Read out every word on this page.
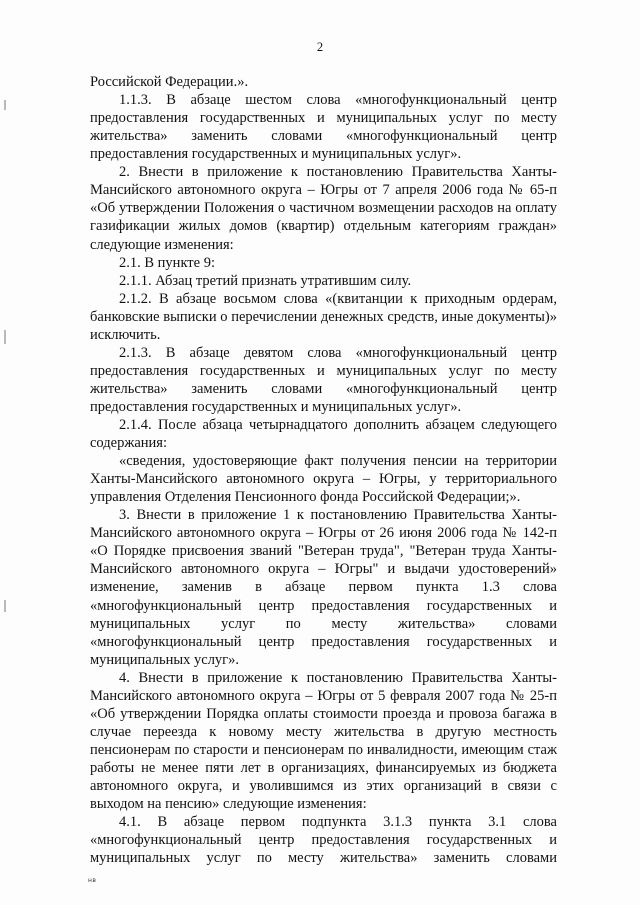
2
Российской Федерации.».
1.1.3. В абзаце шестом слова «многофункциональный центр
предоставления государственных и муниципальных услуг по месту
жительства» заменить словами «многофункциональный центр
предоставления государственных и муниципальных услуг».
2. Внести в приложение к постановлению Правительства Ханты-
Мансийского автономного округа – Югры от 7 апреля 2006 года № 65-п
«Об утверждении Положения о частичном возмещении расходов на оплату
газификации жилых домов (квартир) отдельным категориям граждан»
следующие изменения:
2.1. В пункте 9:
2.1.1. Абзац третий признать утратившим силу.
2.1.2. В абзаце восьмом слова «(квитанции к приходным ордерам,
банковские выписки о перечислении денежных средств, иные документы)»
исключить.
2.1.3. В абзаце девятом слова «многофункциональный центр
предоставления государственных и муниципальных услуг по месту
жительства» заменить словами «многофункциональный центр
предоставления государственных и муниципальных услуг».
2.1.4. После абзаца четырнадцатого дополнить абзацем следующего
содержания:
«сведения, удостоверяющие факт получения пенсии на территории
Ханты-Мансийского автономного округа – Югры, у территориального
управления Отделения Пенсионного фонда Российской Федерации;».
3. Внести в приложение 1 к постановлению Правительства Ханты-
Мансийского автономного округа – Югры от 26 июня 2006 года № 142-п
«О Порядке присвоения званий "Ветеран труда", "Ветеран труда Ханты-
Мансийского автономного округа – Югры" и выдачи удостоверений»
изменение, заменив в абзаце первом пункта 1.3 слова
«многофункциональный центр предоставления государственных и
муниципальных услуг по месту жительства» словами
«многофункциональный центр предоставления государственных и
муниципальных услуг».
4. Внести в приложение к постановлению Правительства Ханты-
Мансийского автономного округа – Югры от 5 февраля 2007 года № 25-п
«Об утверждении Порядка оплаты стоимости проезда и провоза багажа в
случае переезда к новому месту жительства в другую местность
пенсионерам по старости и пенсионерам по инвалидности, имеющим стаж
работы не менее пяти лет в организациях, финансируемых из бюджета
автономного округа, и уволившимся из этих организаций в связи с
выходом на пенсию» следующие изменения:
4.1. В абзаце первом подпункта 3.1.3 пункта 3.1 слова
«многофункциональный центр предоставления государственных и
муниципальных услуг по месту жительства» заменить словами
нв
